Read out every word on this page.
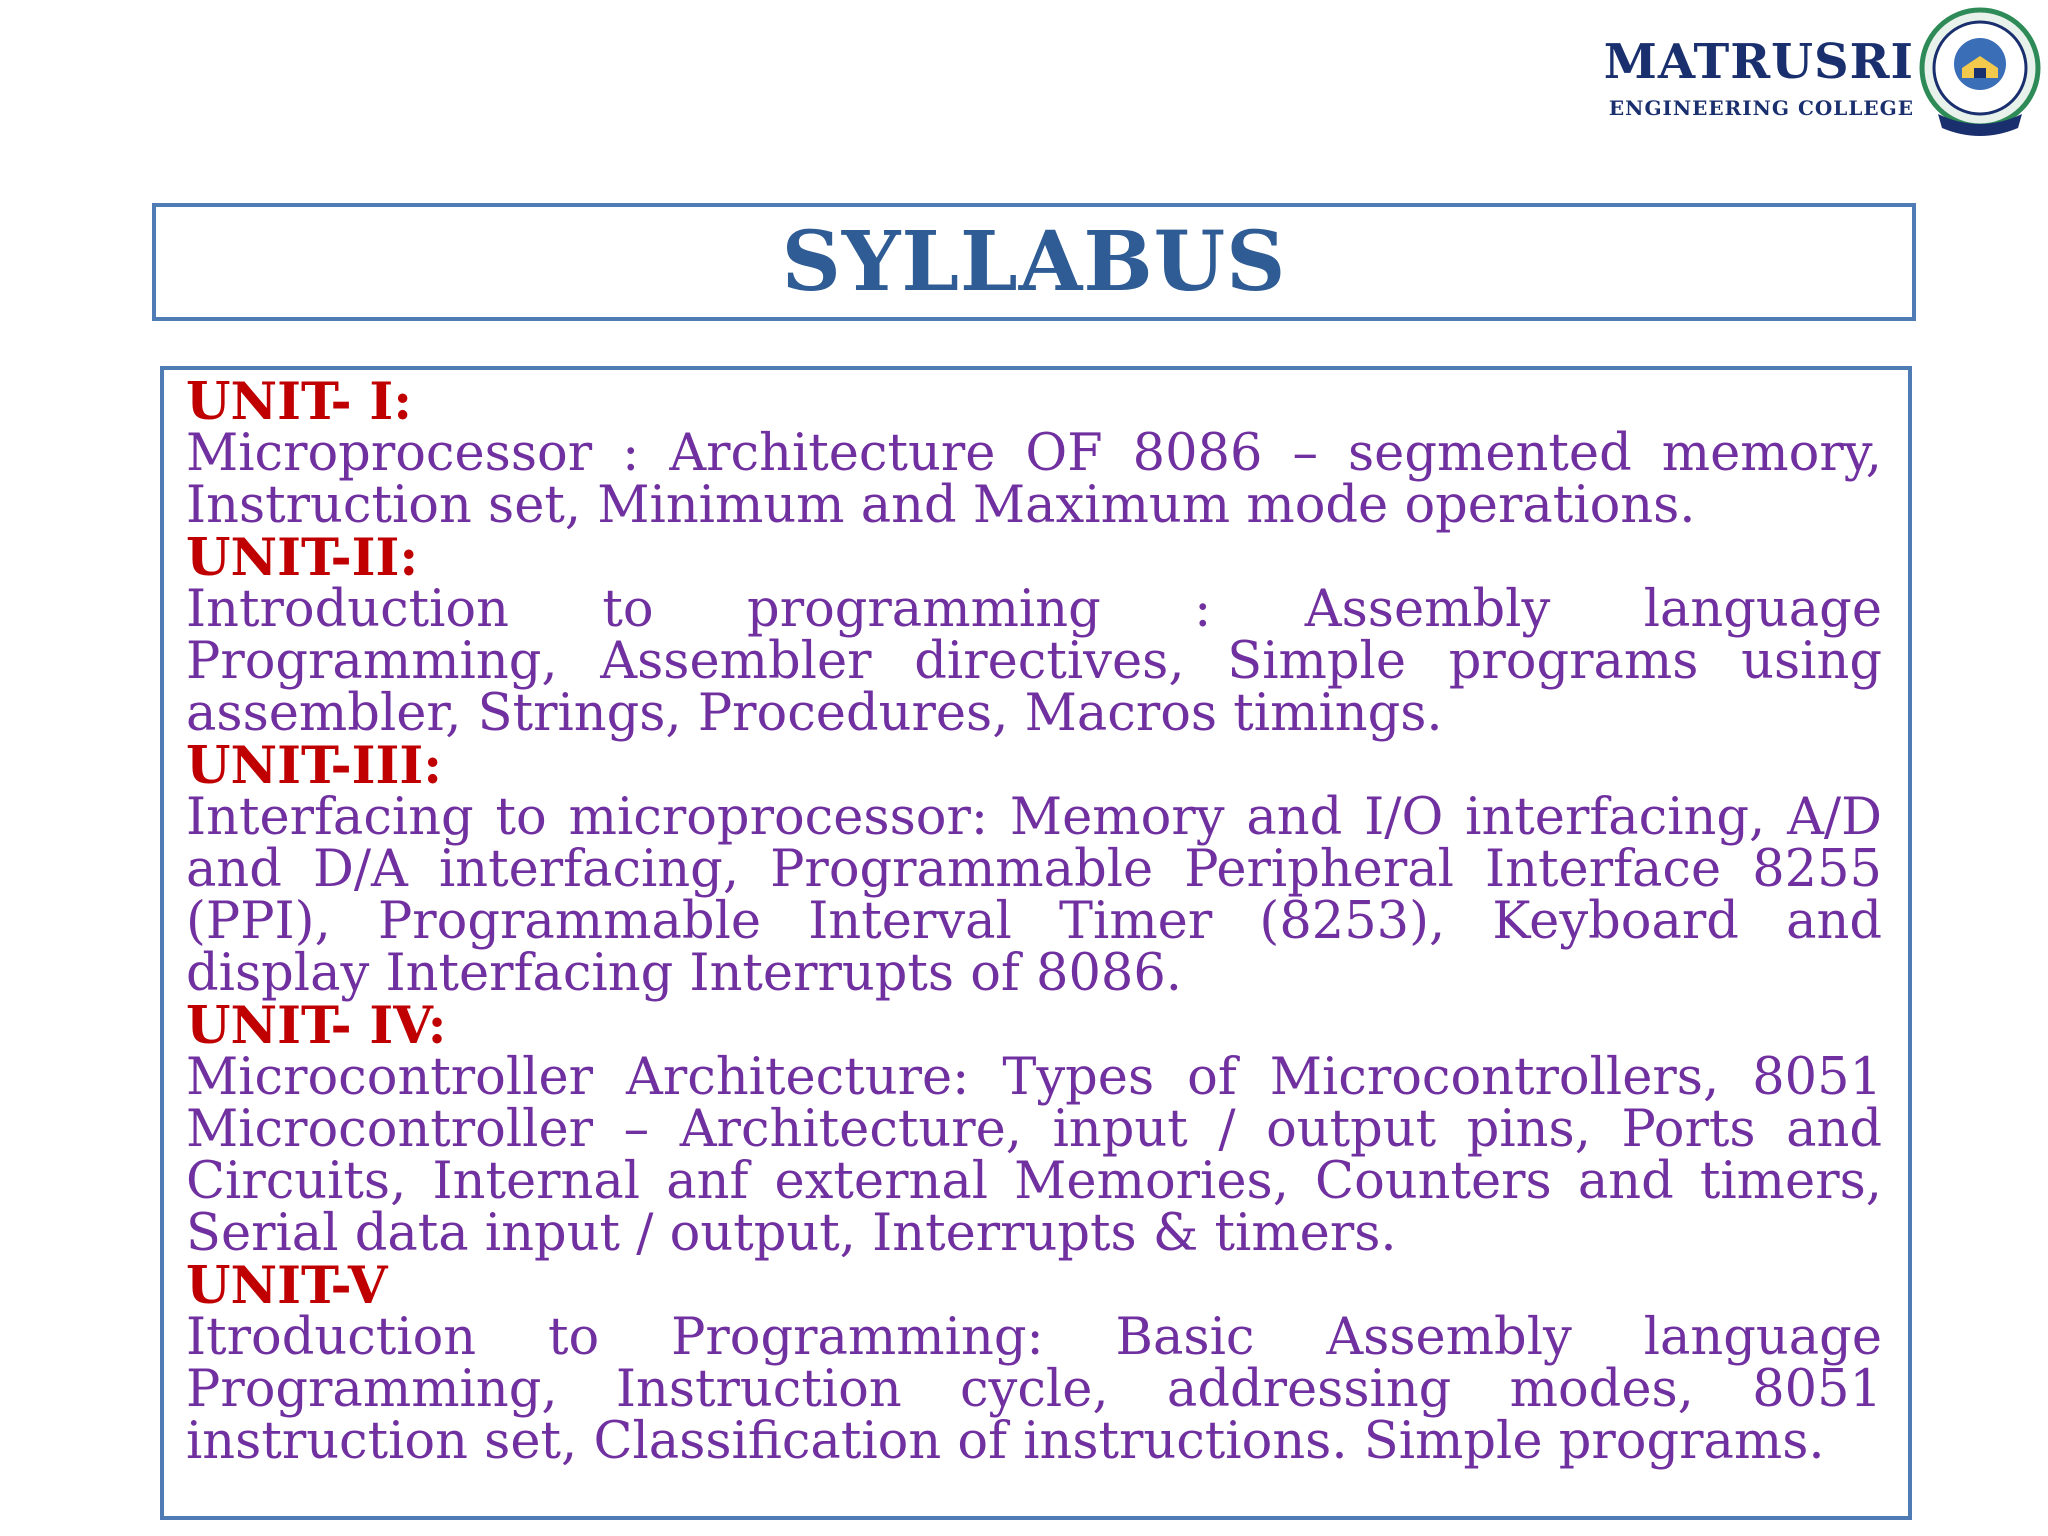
MATRUSRI
ENGINEERING COLLEGE
SYLLABUS

UNIT- I:

Microprocessor : Architecture OF 8086 – segmented memory, Instruction set, Minimum and Maximum mode operations.

UNIT-II:

Introduction to programming : Assembly language Programming, Assembler directives, Simple programs using assembler, Strings, Procedures, Macros timings.

UNIT-III:

Interfacing to microprocessor: Memory and I/O interfacing, A/D and D/A interfacing, Programmable Peripheral Interface 8255 (PPI), Programmable Interval Timer (8253), Keyboard and display Interfacing Interrupts of 8086.

UNIT- IV:

Microcontroller Architecture: Types of Microcontrollers, 8051 Microcontroller – Architecture, input / output pins, Ports and Circuits, Internal anf external Memories, Counters and timers, Serial data input / output, Interrupts & timers.

UNIT-V

Itroduction to Programming: Basic Assembly language Programming, Instruction cycle, addressing modes, 8051 instruction set, Classification of instructions. Simple programs.
